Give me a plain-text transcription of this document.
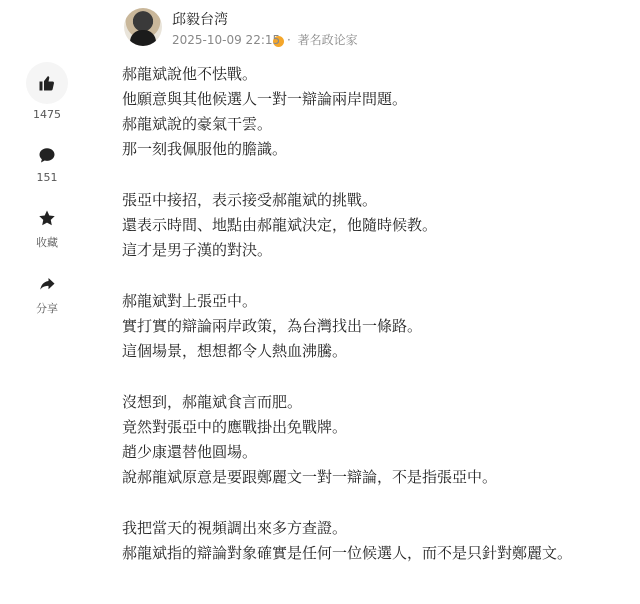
邱毅台湾
2025-10-09 22:15 · 著名政论家
1475
151
收藏
分享
郝龍斌說他不怯戰。
他願意與其他候選人一對一辯論兩岸問題。
郝龍斌說的豪氣干雲。
那一刻我佩服他的膽識。
張亞中接招，表示接受郝龍斌的挑戰。
還表示時間、地點由郝龍斌決定，他隨時候教。
這才是男子漢的對決。
郝龍斌對上張亞中。
實打實的辯論兩岸政策，為台灣找出一條路。
這個場景，想想都令人熱血沸騰。
沒想到，郝龍斌食言而肥。
竟然對張亞中的應戰掛出免戰牌。
趙少康還替他圓場。
說郝龍斌原意是要跟鄭麗文一對一辯論，不是指張亞中。
我把當天的視頻調出來多方查證。
郝龍斌指的辯論對象確實是任何一位候選人，而不是只針對鄭麗文。
